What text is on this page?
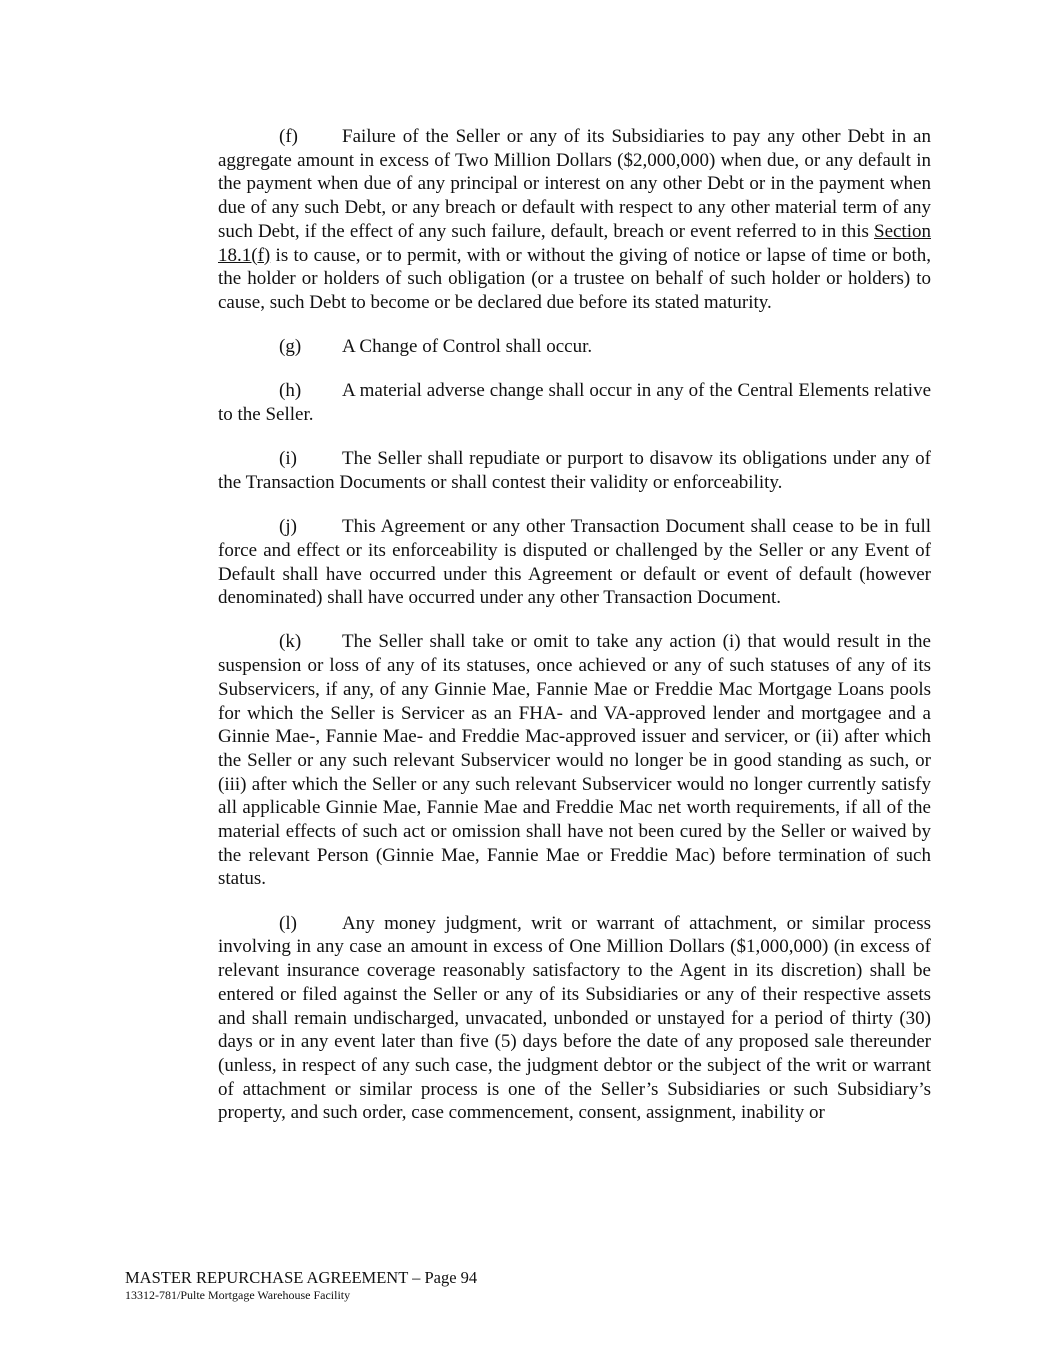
(f) Failure of the Seller or any of its Subsidiaries to pay any other Debt in an aggregate amount in excess of Two Million Dollars ($2,000,000) when due, or any default in the payment when due of any principal or interest on any other Debt or in the payment when due of any such Debt, or any breach or default with respect to any other material term of any such Debt, if the effect of any such failure, default, breach or event referred to in this Section 18.1(f) is to cause, or to permit, with or without the giving of notice or lapse of time or both, the holder or holders of such obligation (or a trustee on behalf of such holder or holders) to cause, such Debt to become or be declared due before its stated maturity.

(g) A Change of Control shall occur.

(h) A material adverse change shall occur in any of the Central Elements relative to the Seller.

(i) The Seller shall repudiate or purport to disavow its obligations under any of the Transaction Documents or shall contest their validity or enforceability.

(j) This Agreement or any other Transaction Document shall cease to be in full force and effect or its enforceability is disputed or challenged by the Seller or any Event of Default shall have occurred under this Agreement or default or event of default (however denominated) shall have occurred under any other Transaction Document.

(k) The Seller shall take or omit to take any action (i) that would result in the suspension or loss of any of its statuses, once achieved or any of such statuses of any of its Subservicers, if any, of any Ginnie Mae, Fannie Mae or Freddie Mac Mortgage Loans pools for which the Seller is Servicer as an FHA- and VA-approved lender and mortgagee and a Ginnie Mae-, Fannie Mae- and Freddie Mac-approved issuer and servicer, or (ii) after which the Seller or any such relevant Subservicer would no longer be in good standing as such, or (iii) after which the Seller or any such relevant Subservicer would no longer currently satisfy all applicable Ginnie Mae, Fannie Mae and Freddie Mac net worth requirements, if all of the material effects of such act or omission shall have not been cured by the Seller or waived by the relevant Person (Ginnie Mae, Fannie Mae or Freddie Mac) before termination of such status.

(l) Any money judgment, writ or warrant of attachment, or similar process involving in any case an amount in excess of One Million Dollars ($1,000,000) (in excess of relevant insurance coverage reasonably satisfactory to the Agent in its discretion) shall be entered or filed against the Seller or any of its Subsidiaries or any of their respective assets and shall remain undischarged, unvacated, unbonded or unstayed for a period of thirty (30) days or in any event later than five (5) days before the date of any proposed sale thereunder (unless, in respect of any such case, the judgment debtor or the subject of the writ or warrant of attachment or similar process is one of the Seller’s Subsidiaries or such Subsidiary’s property, and such order, case commencement, consent, assignment, inability or

MASTER REPURCHASE AGREEMENT – Page 94

13312-781/Pulte Mortgage Warehouse Facility
